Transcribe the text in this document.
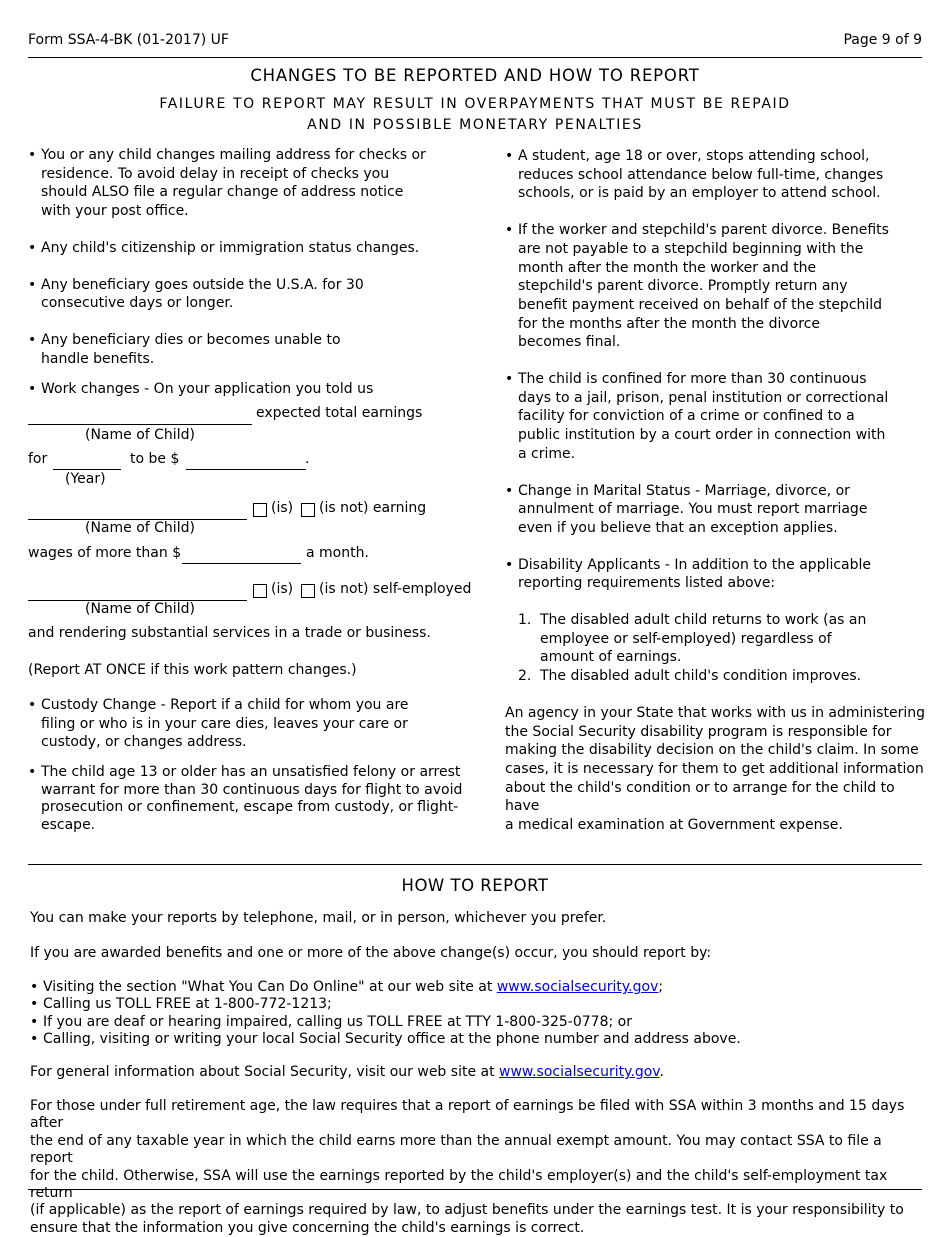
Form SSA-4-BK (01-2017) UF	Page 9 of 9
CHANGES TO BE REPORTED AND HOW TO REPORT
FAILURE TO REPORT MAY RESULT IN OVERPAYMENTS THAT MUST BE REPAID
AND IN POSSIBLE MONETARY PENALTIES
• You or any child changes mailing address for checks or
residence. To avoid delay in receipt of checks you
should ALSO file a regular change of address notice
with your post office.
• Any child's citizenship or immigration status changes.
• Any beneficiary goes outside the U.S.A. for 30
consecutive days or longer.
• Any beneficiary dies or becomes unable to
handle benefits.
• Work changes - On your application you told us
expected total earnings
(Name of Child)
for	to be $	.
(Year)
(is) (is not) earning
(Name of Child)
wages of more than $	a month.
(is) (is not) self-employed
(Name of Child)
and rendering substantial services in a trade or business.
(Report AT ONCE if this work pattern changes.)
• Custody Change - Report if a child for whom you are
filing or who is in your care dies, leaves your care or
custody, or changes address.
• The child age 13 or older has an unsatisfied felony or arrest
warrant for more than 30 continuous days for flight to avoid
prosecution or confinement, escape from custody, or flight-
escape.
• A student, age 18 or over, stops attending school,
reduces school attendance below full-time, changes
schools, or is paid by an employer to attend school.
• If the worker and stepchild's parent divorce. Benefits
are not payable to a stepchild beginning with the
month after the month the worker and the
stepchild's parent divorce. Promptly return any
benefit payment received on behalf of the stepchild
for the months after the month the divorce
becomes final.
• The child is confined for more than 30 continuous
days to a jail, prison, penal institution or correctional
facility for conviction of a crime or confined to a
public institution by a court order in connection with
a crime.
• Change in Marital Status - Marriage, divorce, or
annulment of marriage. You must report marriage
even if you believe that an exception applies.
• Disability Applicants - In addition to the applicable
reporting requirements listed above:
1. The disabled adult child returns to work (as an
employee or self-employed) regardless of
amount of earnings.
2. The disabled adult child's condition improves.
An agency in your State that works with us in administering
the Social Security disability program is responsible for
making the disability decision on the child's claim. In some
cases, it is necessary for them to get additional information
about the child's condition or to arrange for the child to have
a medical examination at Government expense.
HOW TO REPORT
You can make your reports by telephone, mail, or in person, whichever you prefer.
If you are awarded benefits and one or more of the above change(s) occur, you should report by:
• Visiting the section "What You Can Do Online" at our web site at www.socialsecurity.gov;
• Calling us TOLL FREE at 1-800-772-1213;
• If you are deaf or hearing impaired, calling us TOLL FREE at TTY 1-800-325-0778; or
• Calling, visiting or writing your local Social Security office at the phone number and address above.
For general information about Social Security, visit our web site at www.socialsecurity.gov.
For those under full retirement age, the law requires that a report of earnings be filed with SSA within 3 months and 15 days after
the end of any taxable year in which the child earns more than the annual exempt amount. You may contact SSA to file a report
for the child. Otherwise, SSA will use the earnings reported by the child's employer(s) and the child's self-employment tax return
(if applicable) as the report of earnings required by law, to adjust benefits under the earnings test. It is your responsibility to
ensure that the information you give concerning the child's earnings is correct.
